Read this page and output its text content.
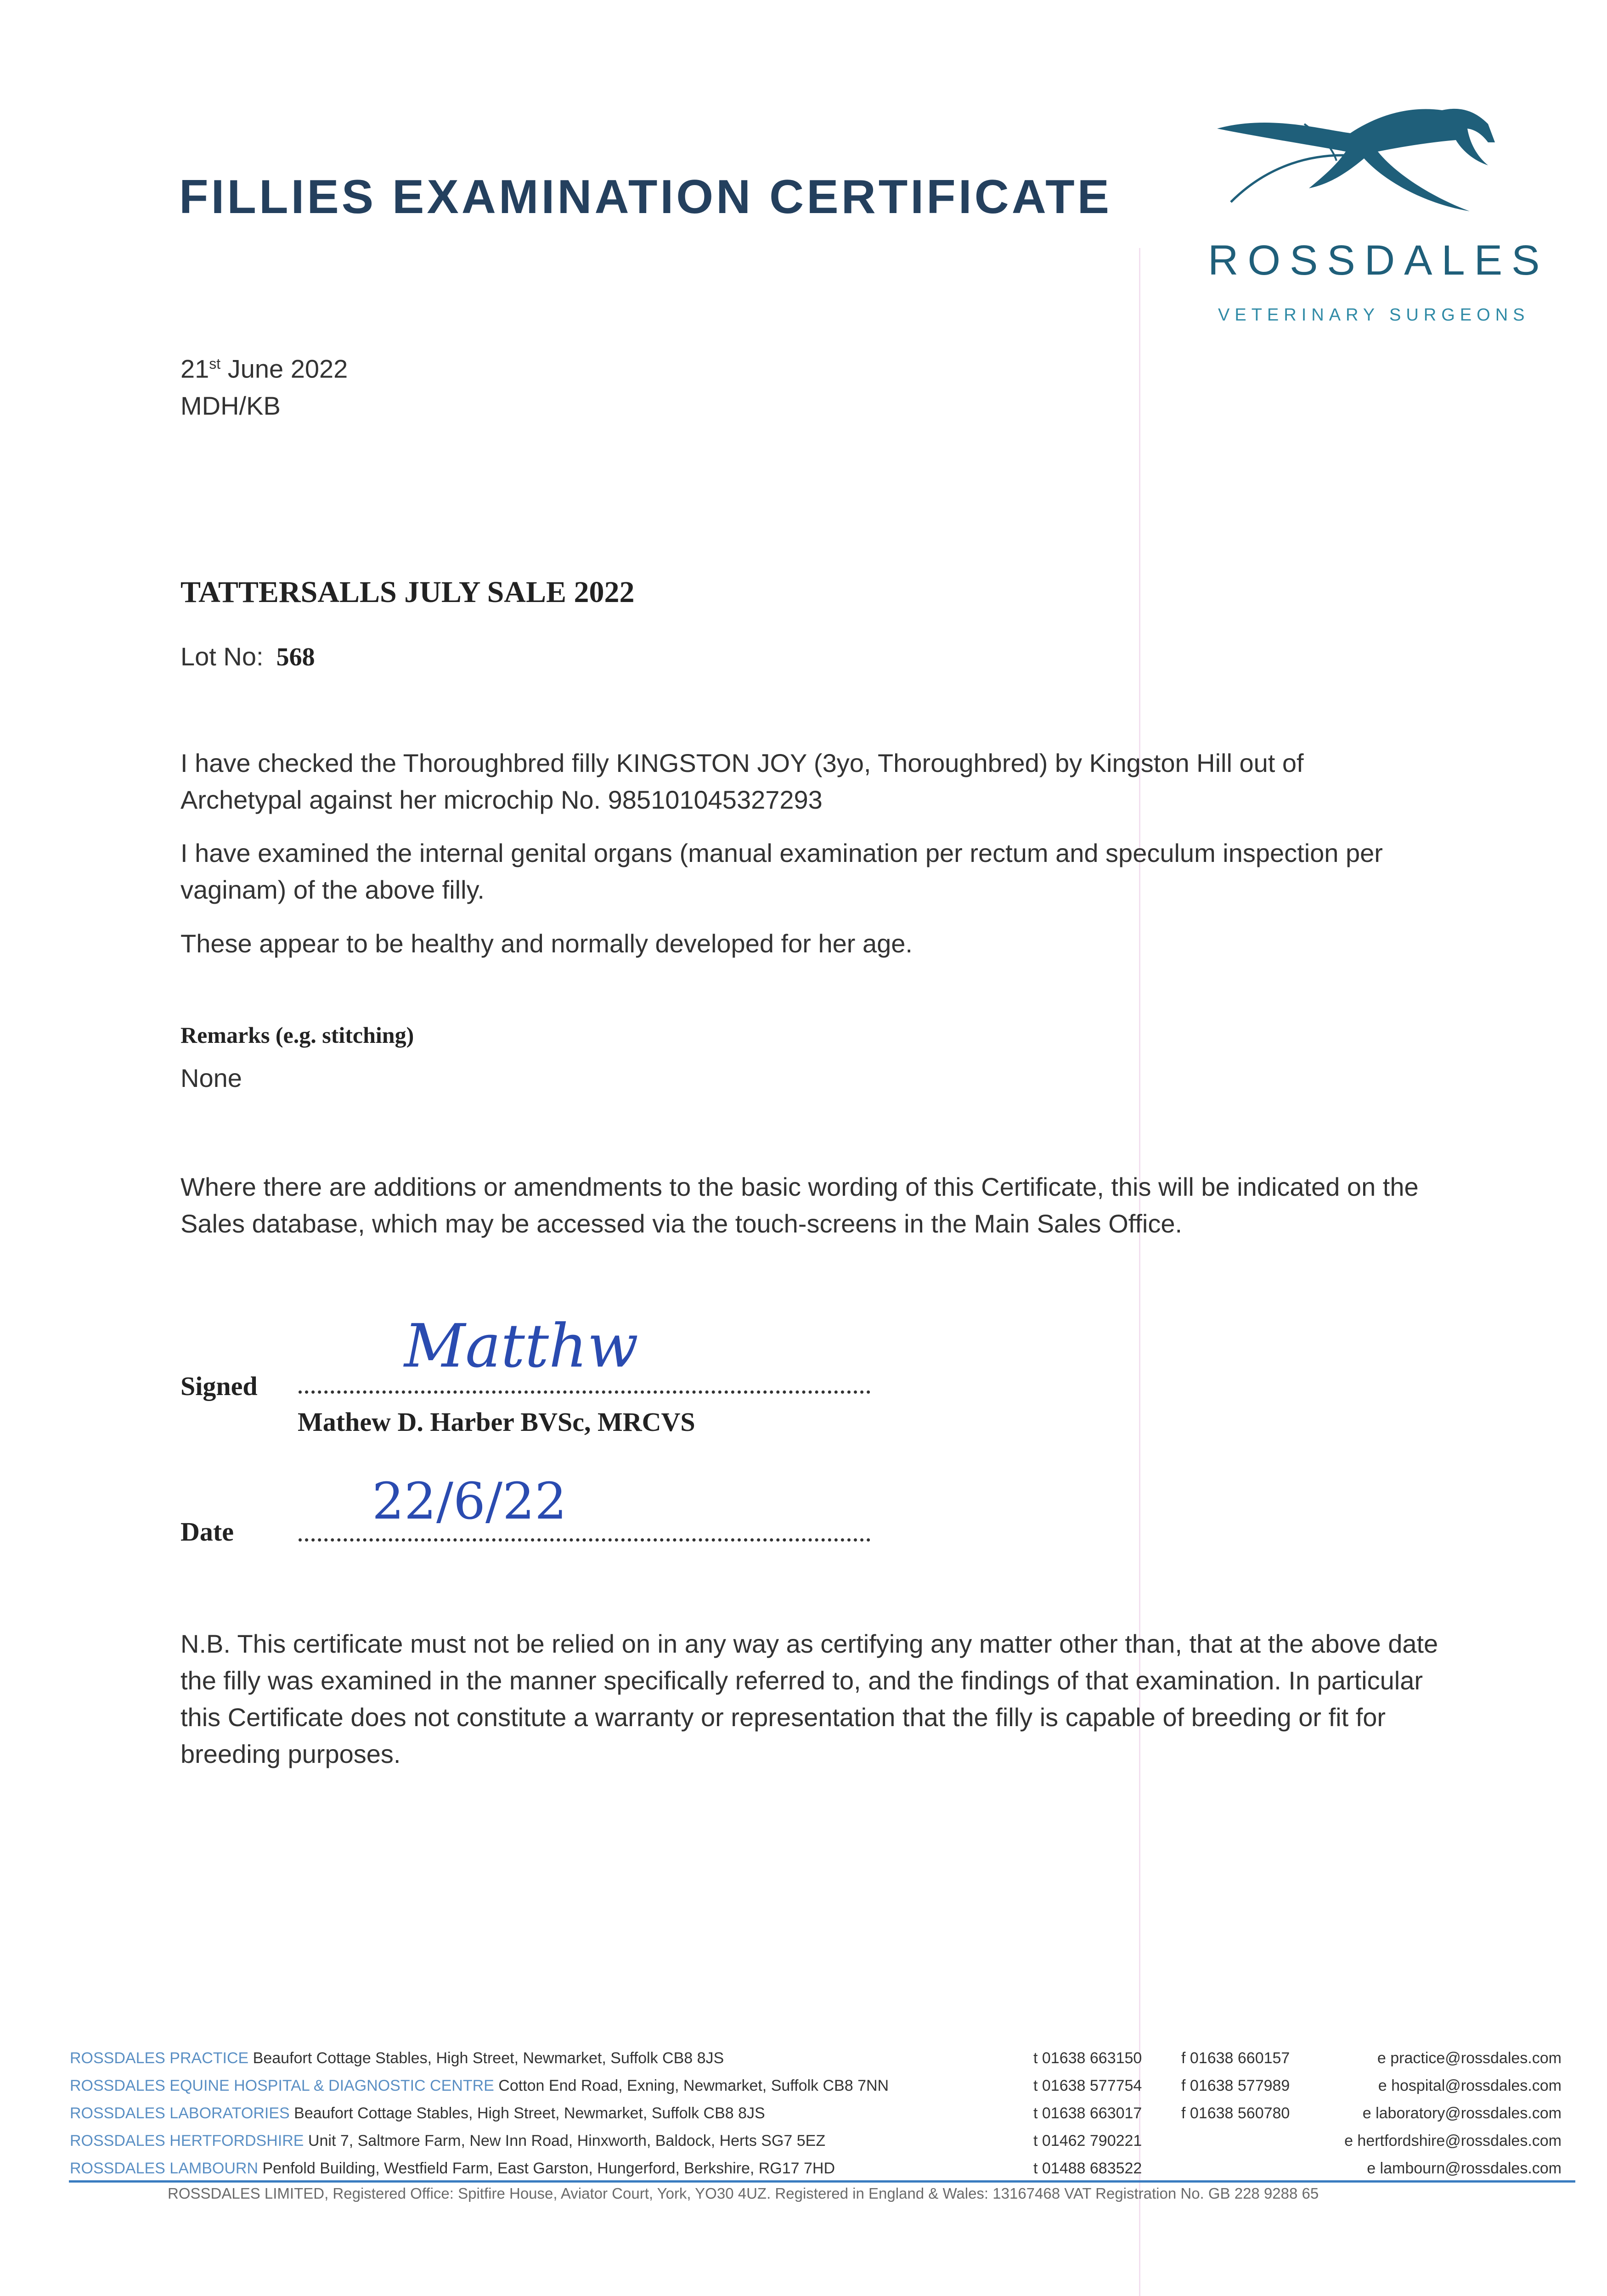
FILLIES EXAMINATION CERTIFICATE
ROSSDALES
VETERINARY SURGEONS
21st June 2022
MDH/KB
TATTERSALLS JULY SALE 2022
Lot No: 568
I have checked the Thoroughbred filly KINGSTON JOY (3yo, Thoroughbred) by Kingston Hill out of Archetypal against her microchip No. 985101045327293
I have examined the internal genital organs (manual examination per rectum and speculum inspection per vaginam) of the above filly.
These appear to be healthy and normally developed for her age.
Remarks (e.g. stitching)
None
Where there are additions or amendments to the basic wording of this Certificate, this will be indicated on the Sales database, which may be accessed via the touch-screens in the Main Sales Office.
Signed
Matthw
Mathew D. Harber BVSc, MRCVS
Date
22/6/22
N.B. This certificate must not be relied on in any way as certifying any matter other than, that at the above date the filly was examined in the manner specifically referred to, and the findings of that examination. In particular this Certificate does not constitute a warranty or representation that the filly is capable of breeding or fit for breeding purposes.
ROSSDALES PRACTICE Beaufort Cottage Stables, High Street, Newmarket, Suffolk CB8 8JS
ROSSDALES EQUINE HOSPITAL & DIAGNOSTIC CENTRE Cotton End Road, Exning, Newmarket, Suffolk CB8 7NN
ROSSDALES LABORATORIES Beaufort Cottage Stables, High Street, Newmarket, Suffolk CB8 8JS
ROSSDALES HERTFORDSHIRE Unit 7, Saltmore Farm, New Inn Road, Hinxworth, Baldock, Herts SG7 5EZ
ROSSDALES LAMBOURN Penfold Building, Westfield Farm, East Garston, Hungerford, Berkshire, RG17 7HD
t 01638 663150
t 01638 577754
t 01638 663017
t 01462 790221
t 01488 683522
f 01638 660157
f 01638 577989
f 01638 560780

e practice@rossdales.com
e hospital@rossdales.com
e laboratory@rossdales.com
e hertfordshire@rossdales.com
e lambourn@rossdales.com
ROSSDALES LIMITED, Registered Office: Spitfire House, Aviator Court, York, YO30 4UZ. Registered in England & Wales: 13167468 VAT Registration No. GB 228 9288 65
